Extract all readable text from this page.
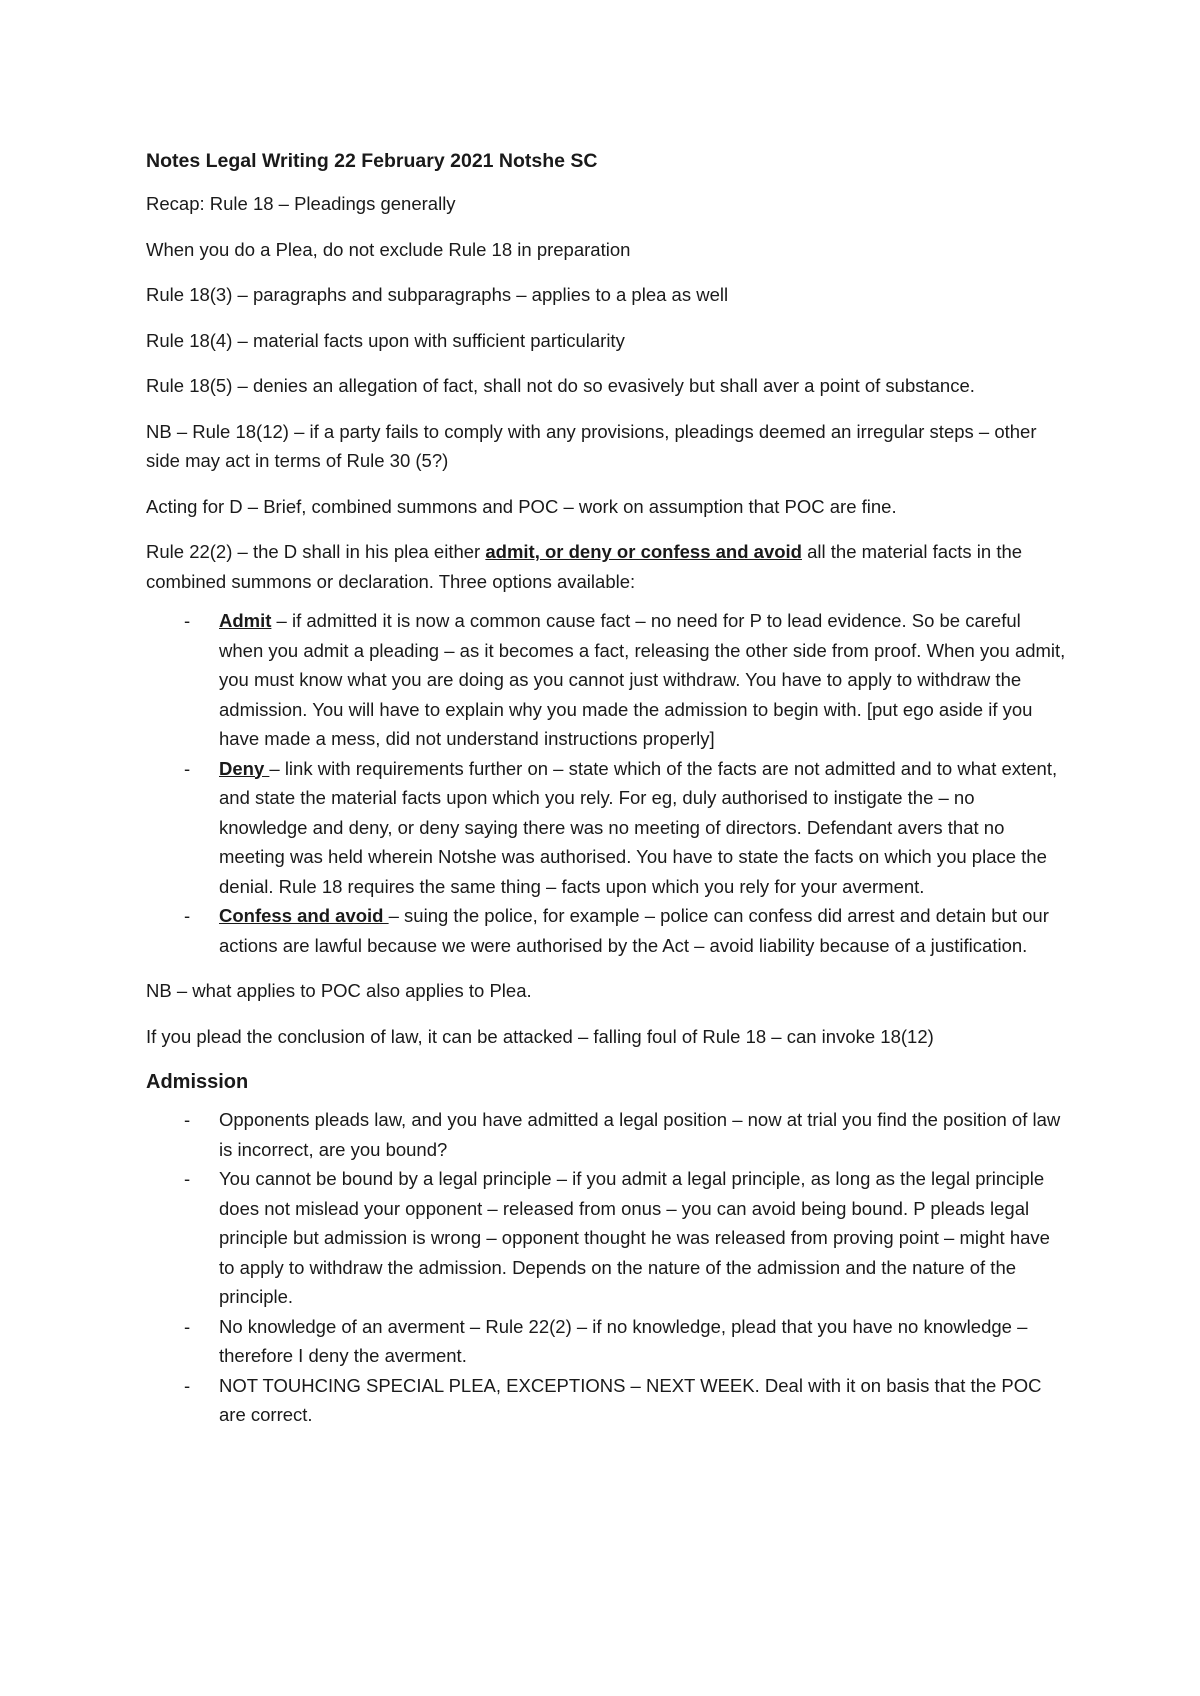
Notes Legal Writing 22 February 2021 Notshe SC

Recap: Rule 18 – Pleadings generally

When you do a Plea, do not exclude Rule 18 in preparation

Rule 18(3) – paragraphs and subparagraphs – applies to a plea as well

Rule 18(4) – material facts upon with sufficient particularity

Rule 18(5) – denies an allegation of fact, shall not do so evasively but shall aver a point of substance.

NB – Rule 18(12) – if a party fails to comply with any provisions, pleadings deemed an irregular steps – other side may act in terms of Rule 30 (5?)

Acting for D – Brief, combined summons and POC – work on assumption that POC are fine.

Rule 22(2) – the D shall in his plea either admit, or deny or confess and avoid all the material facts in the combined summons or declaration. Three options available:

- Admit – if admitted it is now a common cause fact – no need for P to lead evidence. So be careful when you admit a pleading – as it becomes a fact, releasing the other side from proof. When you admit, you must know what you are doing as you cannot just withdraw. You have to apply to withdraw the admission. You will have to explain why you made the admission to begin with. [put ego aside if you have made a mess, did not understand instructions properly]
- Deny – link with requirements further on – state which of the facts are not admitted and to what extent, and state the material facts upon which you rely. For eg, duly authorised to instigate the – no knowledge and deny, or deny saying there was no meeting of directors. Defendant avers that no meeting was held wherein Notshe was authorised. You have to state the facts on which you place the denial. Rule 18 requires the same thing – facts upon which you rely for your averment.
- Confess and avoid – suing the police, for example – police can confess did arrest and detain but our actions are lawful because we were authorised by the Act – avoid liability because of a justification.

NB – what applies to POC also applies to Plea.

If you plead the conclusion of law, it can be attacked – falling foul of Rule 18 – can invoke 18(12)

Admission
- Opponents pleads law, and you have admitted a legal position – now at trial you find the position of law is incorrect, are you bound?
- You cannot be bound by a legal principle – if you admit a legal principle, as long as the legal principle does not mislead your opponent – released from onus – you can avoid being bound. P pleads legal principle but admission is wrong – opponent thought he was released from proving point – might have to apply to withdraw the admission. Depends on the nature of the admission and the nature of the principle.
- No knowledge of an averment – Rule 22(2) – if no knowledge, plead that you have no knowledge – therefore I deny the averment.
- NOT TOUHCING SPECIAL PLEA, EXCEPTIONS – NEXT WEEK. Deal with it on basis that the POC are correct.
